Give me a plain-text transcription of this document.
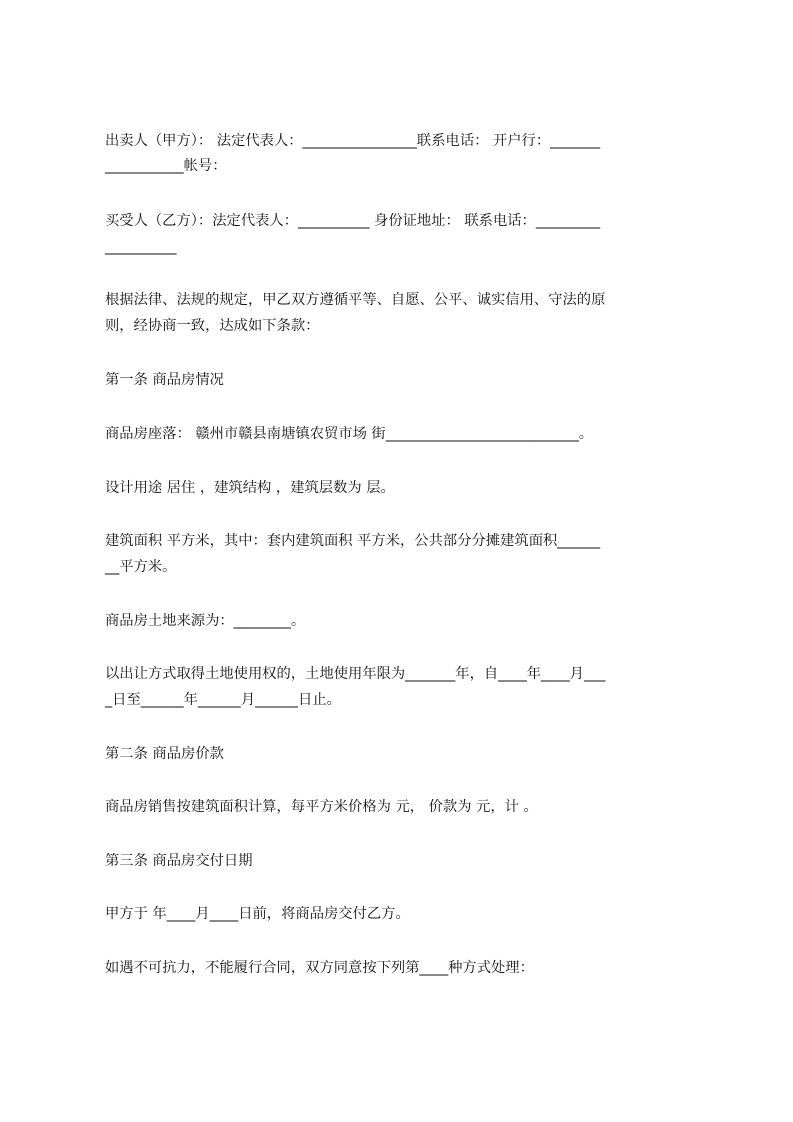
出卖人（甲方）： 法定代表人：________________联系电话： 开户行：_______

___________帐号：

买受人（乙方）：法定代表人：__________ 身份证地址： 联系电话：_________

__________

根据法律、法规的规定，甲乙双方遵循平等、自愿、公平、诚实信用、守法的原

则，经协商一致，达成如下条款：

第一条 商品房情况

商品房座落： 赣州市赣县南塘镇农贸市场 街___________________________。

设计用途 居住 ，建筑结构 ，建筑层数为 层。

建筑面积 平方米，其中：套内建筑面积 平方米，公共部分分摊建筑面积______

__平方米。

商品房土地来源为：________。

以出让方式取得土地使用权的，土地使用年限为_______年，自____年____月___

_日至______年______月______日止。

第二条 商品房价款

商品房销售按建筑面积计算，每平方米价格为 元， 价款为 元，计 。

第三条 商品房交付日期

甲方于 年____月____日前，将商品房交付乙方。

如遇不可抗力，不能履行合同，双方同意按下列第____种方式处理：
